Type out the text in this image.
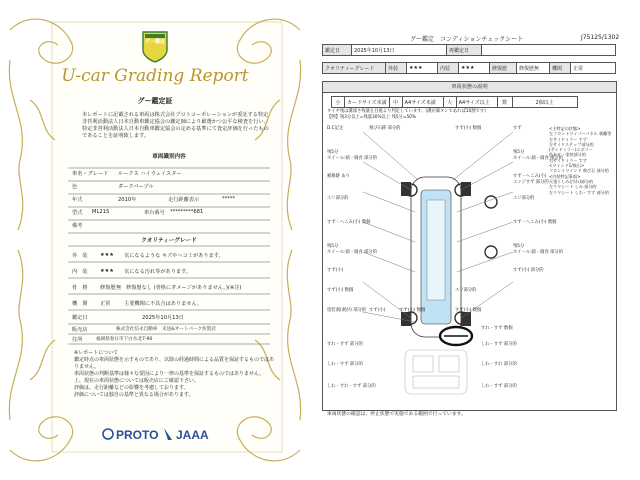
グー鑑定
U-car Grading Report
グー鑑定証
本レポートに記載される車両は株式会社プロトコーポレーションが委託する特定非営利活動法人日本自動車鑑定協会の鑑定師により厳選かつ公平な検査を行い、特定非営利活動法人日本自動車鑑定協会の定める基準にて査定評価を行ったものであることを証明致します。
車両識別内容
車名・グレード ルークス ハイウェイスター
色	ダークパープル
年式	2010年	走行距離表示	*****
型式 ML21S	車台番号 *********681
備考
クオリティーグレード
外　装 ★★★ 気になるような キズやヘコミがあります。
内　装 ★★★ 気になる汚れ等があります。
骨　格 修復歴 無 修復歴なし (骨格にダメージがありません。)(※注)
機　関 正常	主要機関に不具合はありません。
鑑定日	2025年10月13日
販売店	株式会社信永自動車　未送&オートパーク佐賀店
住所	福岡県春日市下白水北7-90
※レポートについて
鑑定時点の車両状態を示すものであり、以降の経過時間による品質を保証するものではありません。
車両状態の判断基準は様々な要因により一律の基準を保証するものではありません。
上、現在の車両状態については販売店にご確認下さい。
評価は、走行距離などの影響を考慮しております。
評価については独自の基準と異なる場合があります。
PROTO JAAA
グー鑑定　コンディションチェックシート	J75125/1302
鑑定日	2025年10月13日	再鑑定日	
クオリティーグレード	外装	★★★	内装	★★★	修復歴	修復歴無	機関	正常
車両状態の説明
小	カードサイズ未満	中	A4サイズ未満	大	A4サイズ以上	数	2個以上
タイヤ残は溝深さ残量を目視より判定しています。(溝が満タンであれば10割です)
【例】残3分以上=残量30%以上 残5分=50%
D.C記定
残5分
ホイール:錆・腐食 部分的
補修跡 あり
エリ部分的
すず・へこみ(小) 数個
残5分
ホイール:錆・腐食 部分的
すず(小)
すず(小) 数個
塗装剥(剥が) 部分的
飛び石跡 部分的	すず(小) 数個
すず(小)	すず(小) 数個	すず(小) 数個
エリ部分的
すず
残5分
ホイール:錆・腐食 部分的
すず・へこみ(小)
エッジすず 部分的
エリ部分的
すず・へこみ(小) 数個
残5分
ホイール:錆・腐食 部分的
すず(小) 部分的
<主特記の状態>
左フロントワイパーパネル 剥離等
左サイドミラー すず
左サイドステップ部分的
(サイドミラー)エボリー
色あせ・塗装部分的
右サイドミラー すず
<ワインド1/飛石>
フロントワインド 飛び石 部分的
<内装特記事項>
天張りしみ(汚れ)部分的
左リヤシート しみ 部分的
左リヤシート しわ・すず 部分的
すれ・すず 数個
すれ・すず 部分的	しわ・すず 部分的
しわ・すず 部分的	しわ・すれ 部分的
しわ・すれ・すず 部分的	しわ・すず 部分的
車両状態の確認は、停止状態で実施である範囲で行っています。
